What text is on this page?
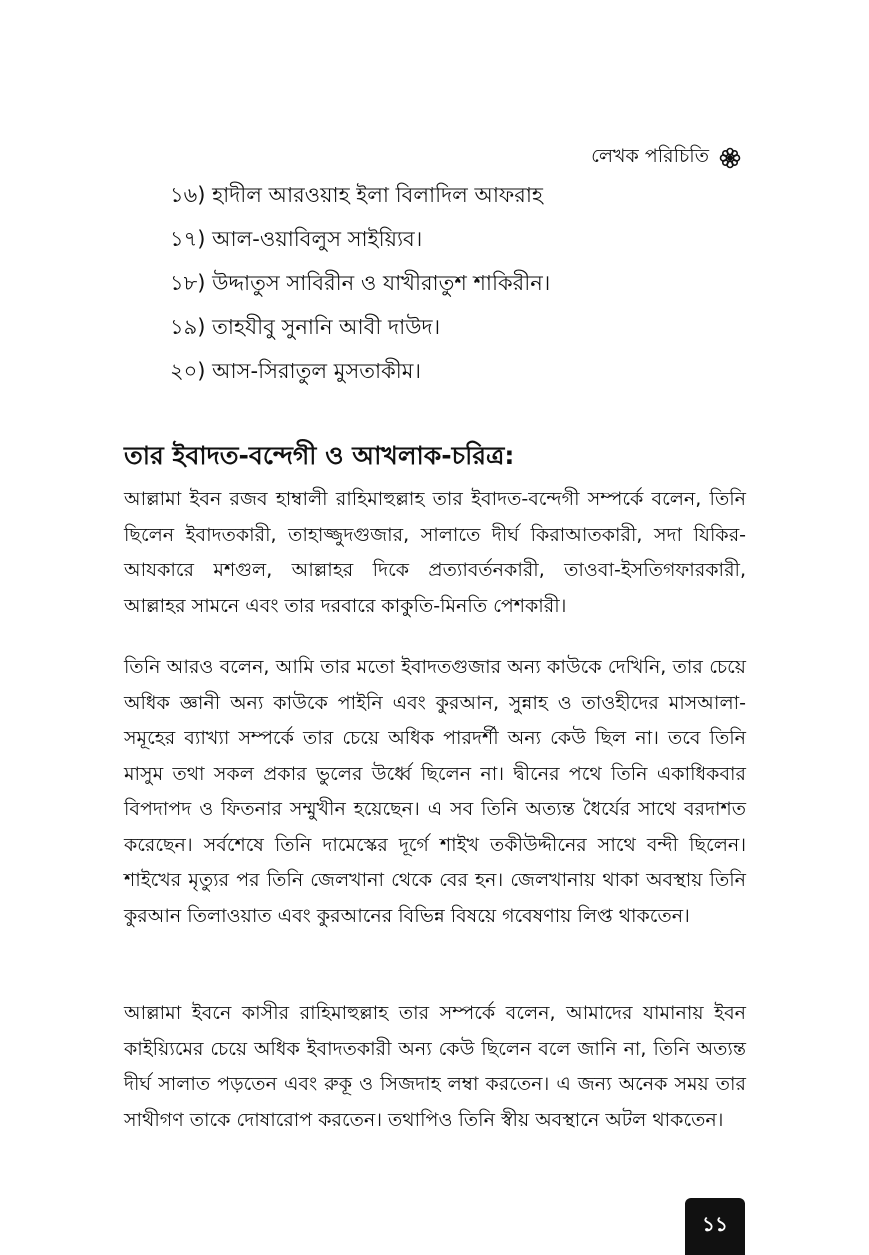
লেখক পরিচিতি
১৬) হাদীল আরওয়াহ ইলা বিলাদিল আফরাহ
১৭) আল-ওয়াবিলুস সাইয়্যিব।
১৮) উদ্দাতুস সাবিরীন ও যাখীরাতুশ শাকিরীন।
১৯) তাহযীবু সুনানি আবী দাউদ।
২০) আস-সিরাতুল মুসতাকীম।
তার ইবাদত-বন্দেগী ও আখলাক-চরিত্র:

আল্লামা ইবন রজব হাম্বালী রাহিমাহুল্লাহ তার ইবাদত-বন্দেগী সম্পর্কে বলেন, তিনি ছিলেন ইবাদতকারী, তাহাজ্জুদগুজার, সালাতে দীর্ঘ কিরাআতকারী, সদা যিকির-আযকারে মশগুল, আল্লাহর দিকে প্রত্যাবর্তনকারী, তাওবা-ইসতিগফারকারী, আল্লাহর সামনে এবং তার দরবারে কাকুতি-মিনতি পেশকারী।

তিনি আরও বলেন, আমি তার মতো ইবাদতগুজার অন্য কাউকে দেখিনি, তার চেয়ে অধিক জ্ঞানী অন্য কাউকে পাইনি এবং কুরআন, সুন্নাহ ও তাওহীদের মাসআলা-সমূহের ব্যাখ্যা সম্পর্কে তার চেয়ে অধিক পারদর্শী অন্য কেউ ছিল না। তবে তিনি মাসুম তথা সকল প্রকার ভুলের উর্ধ্বে ছিলেন না। দ্বীনের পথে তিনি একাধিকবার বিপদাপদ ও ফিতনার সম্মুখীন হয়েছেন। এ সব তিনি অত্যন্ত ধৈর্যের সাথে বরদাশত করেছেন। সর্বশেষে তিনি দামেস্কের দূর্গে শাইখ তকীউদ্দীনের সাথে বন্দী ছিলেন। শাইখের মৃত্যুর পর তিনি জেলখানা থেকে বের হন। জেলখানায় থাকা অবস্থায় তিনি কুরআন তিলাওয়াত এবং কুরআনের বিভিন্ন বিষয়ে গবেষণায় লিপ্ত থাকতেন।

আল্লামা ইবনে কাসীর রাহিমাহুল্লাহ তার সম্পর্কে বলেন, আমাদের যামানায় ইবন কাইয়্যিমের চেয়ে অধিক ইবাদতকারী অন্য কেউ ছিলেন বলে জানি না, তিনি অত্যন্ত দীর্ঘ সালাত পড়তেন এবং রুকূ ও সিজদাহ লম্বা করতেন। এ জন্য অনেক সময় তার সাথীগণ তাকে দোষারোপ করতেন। তথাপিও তিনি স্বীয় অবস্থানে অটল থাকতেন।

১১
